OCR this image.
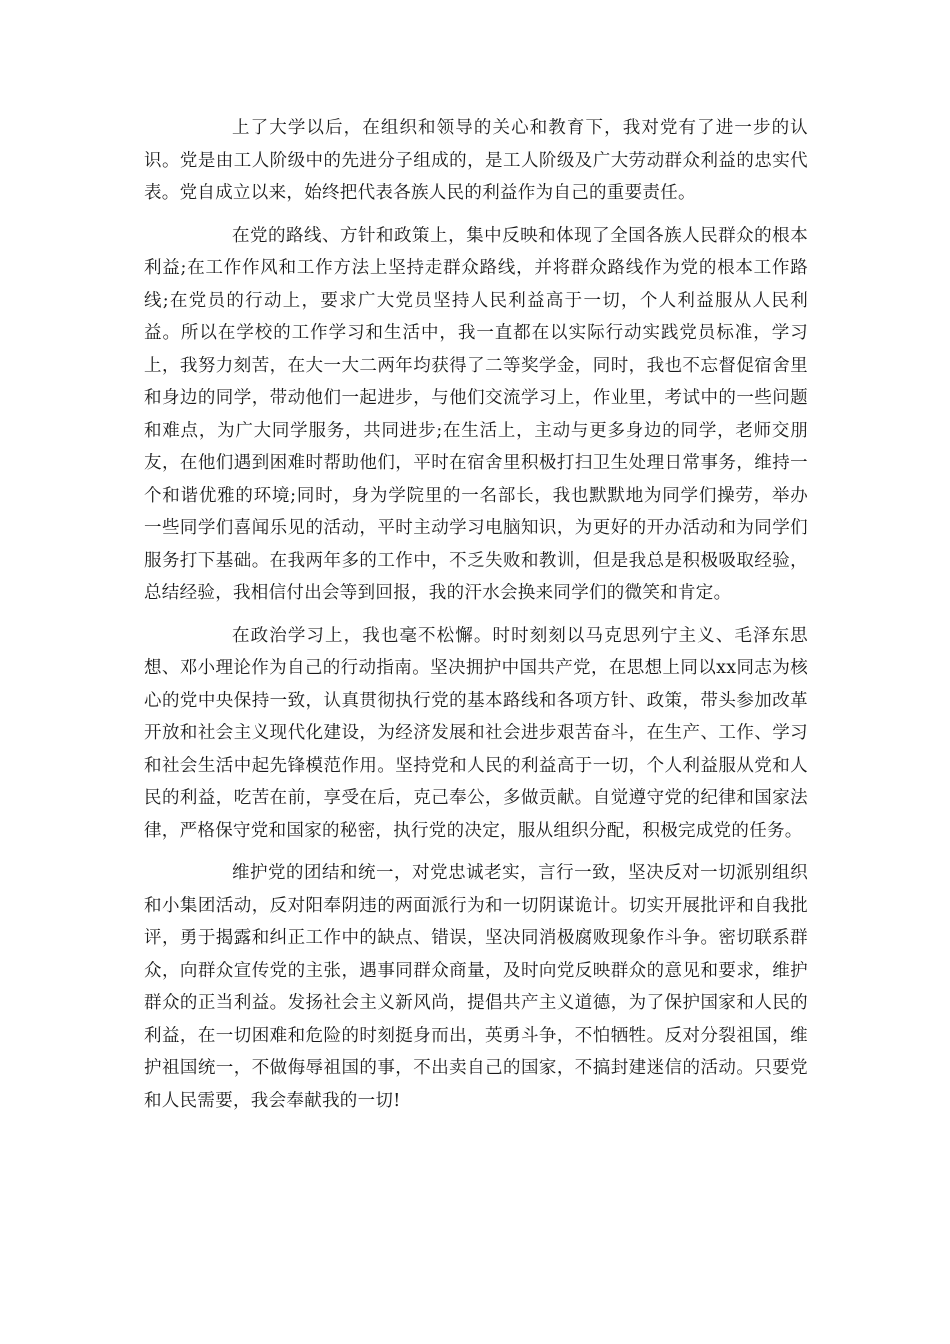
上了大学以后，在组织和领导的关心和教育下，我对党有了进一步的认识。党是由工人阶级中的先进分子组成的，是工人阶级及广大劳动群众利益的忠实代表。党自成立以来，始终把代表各族人民的利益作为自己的重要责任。

在党的路线、方针和政策上，集中反映和体现了全国各族人民群众的根本利益;在工作作风和工作方法上坚持走群众路线，并将群众路线作为党的根本工作路线;在党员的行动上，要求广大党员坚持人民利益高于一切，个人利益服从人民利益。所以在学校的工作学习和生活中，我一直都在以实际行动实践党员标准，学习上，我努力刻苦，在大一大二两年均获得了二等奖学金，同时，我也不忘督促宿舍里和身边的同学，带动他们一起进步，与他们交流学习上，作业里，考试中的一些问题和难点，为广大同学服务，共同进步;在生活上，主动与更多身边的同学，老师交朋友，在他们遇到困难时帮助他们，平时在宿舍里积极打扫卫生处理日常事务，维持一个和谐优雅的环境;同时，身为学院里的一名部长，我也默默地为同学们操劳，举办一些同学们喜闻乐见的活动，平时主动学习电脑知识，为更好的开办活动和为同学们服务打下基础。在我两年多的工作中，不乏失败和教训，但是我总是积极吸取经验，总结经验，我相信付出会等到回报，我的汗水会换来同学们的微笑和肯定。

在政治学习上，我也毫不松懈。时时刻刻以马克思列宁主义、毛泽东思想、邓小理论作为自己的行动指南。坚决拥护中国共产党，在思想上同以xx同志为核心的党中央保持一致，认真贯彻执行党的基本路线和各项方针、政策，带头参加改革开放和社会主义现代化建设，为经济发展和社会进步艰苦奋斗，在生产、工作、学习和社会生活中起先锋模范作用。坚持党和人民的利益高于一切，个人利益服从党和人民的利益，吃苦在前，享受在后，克己奉公，多做贡献。自觉遵守党的纪律和国家法律，严格保守党和国家的秘密，执行党的决定，服从组织分配，积极完成党的任务。

维护党的团结和统一，对党忠诚老实，言行一致，坚决反对一切派别组织和小集团活动，反对阳奉阴违的两面派行为和一切阴谋诡计。切实开展批评和自我批评，勇于揭露和纠正工作中的缺点、错误，坚决同消极腐败现象作斗争。密切联系群众，向群众宣传党的主张，遇事同群众商量，及时向党反映群众的意见和要求，维护群众的正当利益。发扬社会主义新风尚，提倡共产主义道德，为了保护国家和人民的利益，在一切困难和危险的时刻挺身而出，英勇斗争，不怕牺牲。反对分裂祖国，维护祖国统一，不做侮辱祖国的事，不出卖自己的国家，不搞封建迷信的活动。只要党和人民需要，我会奉献我的一切!
